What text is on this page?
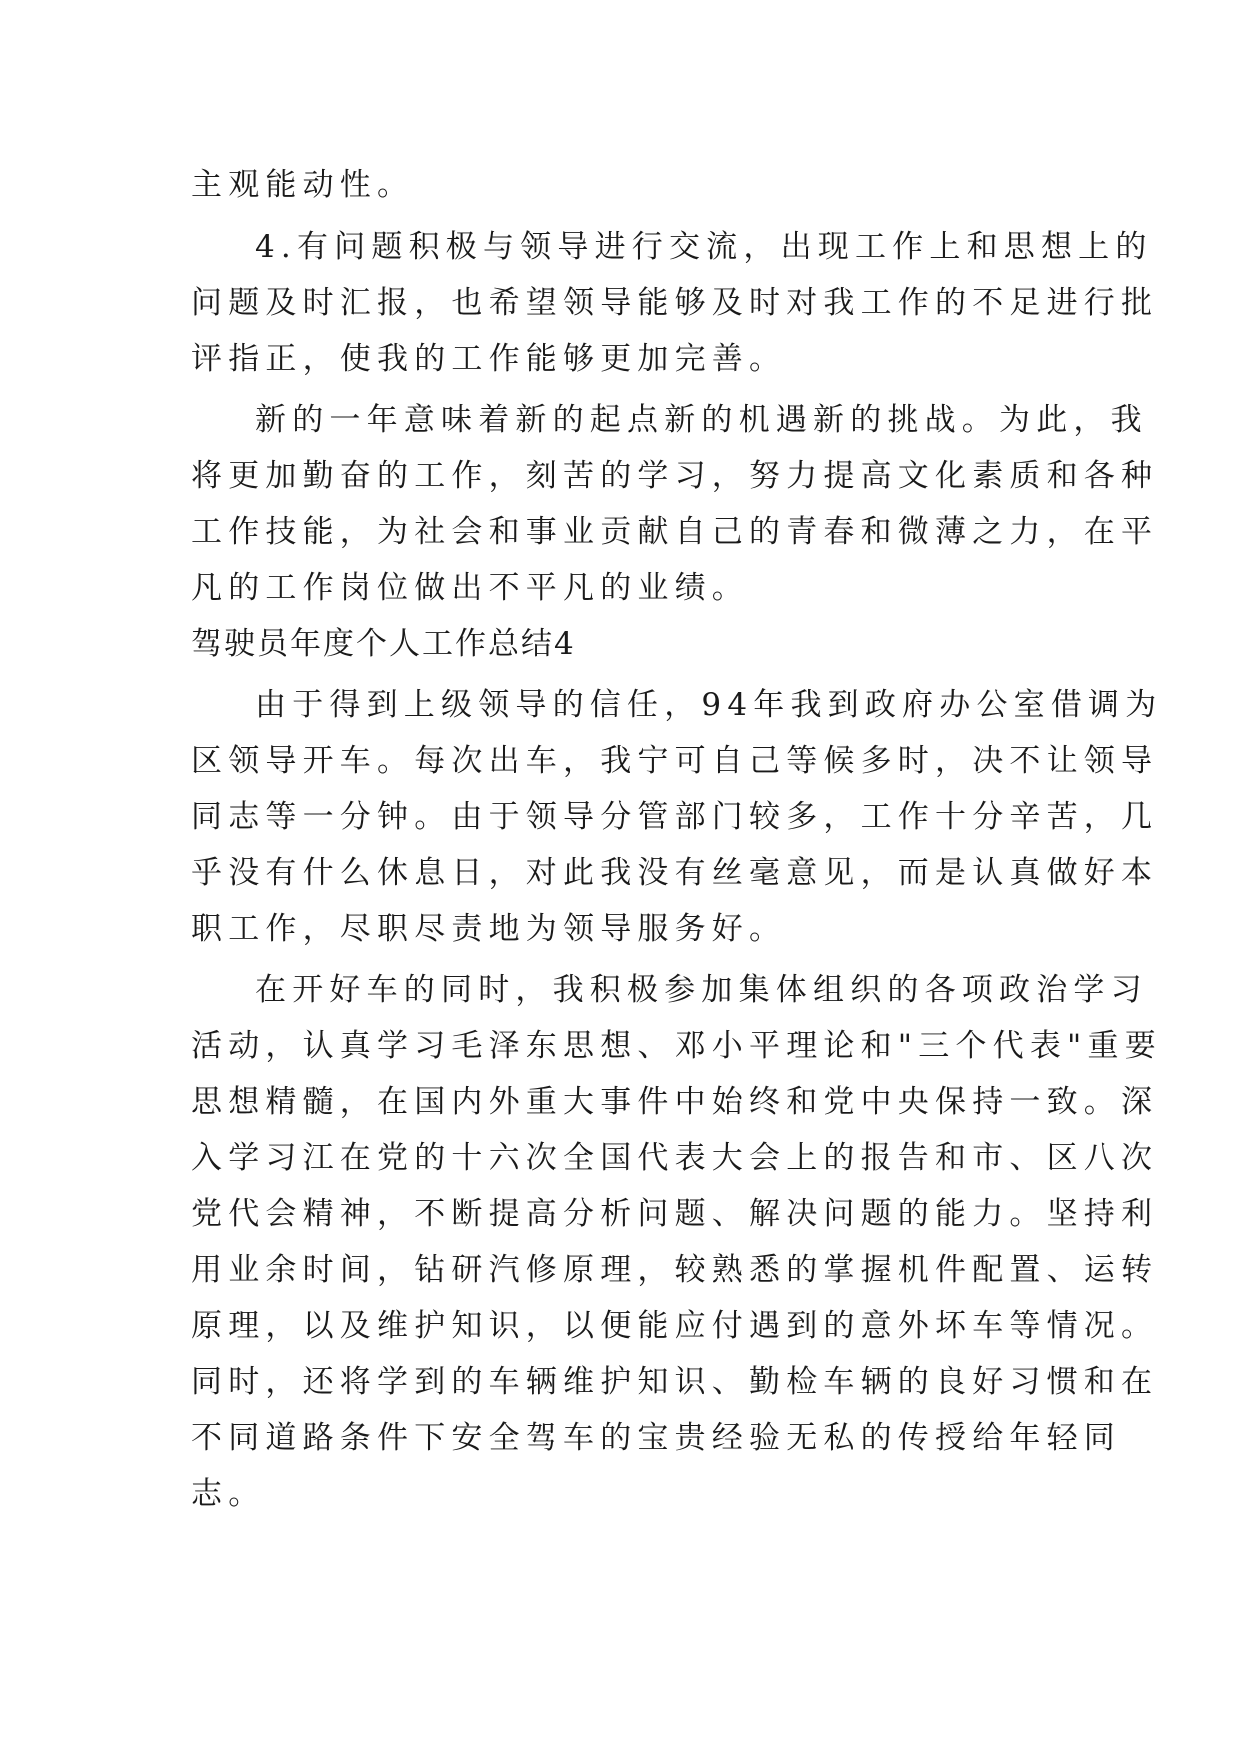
主观能动性。
4.有问题积极与领导进行交流，出现工作上和思想上的
问题及时汇报，也希望领导能够及时对我工作的不足进行批
评指正，使我的工作能够更加完善。
新的一年意味着新的起点新的机遇新的挑战。为此，我
将更加勤奋的工作，刻苦的学习，努力提高文化素质和各种
工作技能，为社会和事业贡献自己的青春和微薄之力，在平
凡的工作岗位做出不平凡的业绩。
驾驶员年度个人工作总结4
由于得到上级领导的信任，94年我到政府办公室借调为
区领导开车。每次出车，我宁可自己等候多时，决不让领导
同志等一分钟。由于领导分管部门较多，工作十分辛苦，几
乎没有什么休息日，对此我没有丝毫意见，而是认真做好本
职工作，尽职尽责地为领导服务好。
在开好车的同时，我积极参加集体组织的各项政治学习
活动，认真学习毛泽东思想、邓小平理论和"三个代表"重要
思想精髓，在国内外重大事件中始终和党中央保持一致。深
入学习江在党的十六次全国代表大会上的报告和市、区八次
党代会精神，不断提高分析问题、解决问题的能力。坚持利
用业余时间，钻研汽修原理，较熟悉的掌握机件配置、运转
原理，以及维护知识，以便能应付遇到的意外坏车等情况。
同时，还将学到的车辆维护知识、勤检车辆的良好习惯和在
不同道路条件下安全驾车的宝贵经验无私的传授给年轻同
志。
